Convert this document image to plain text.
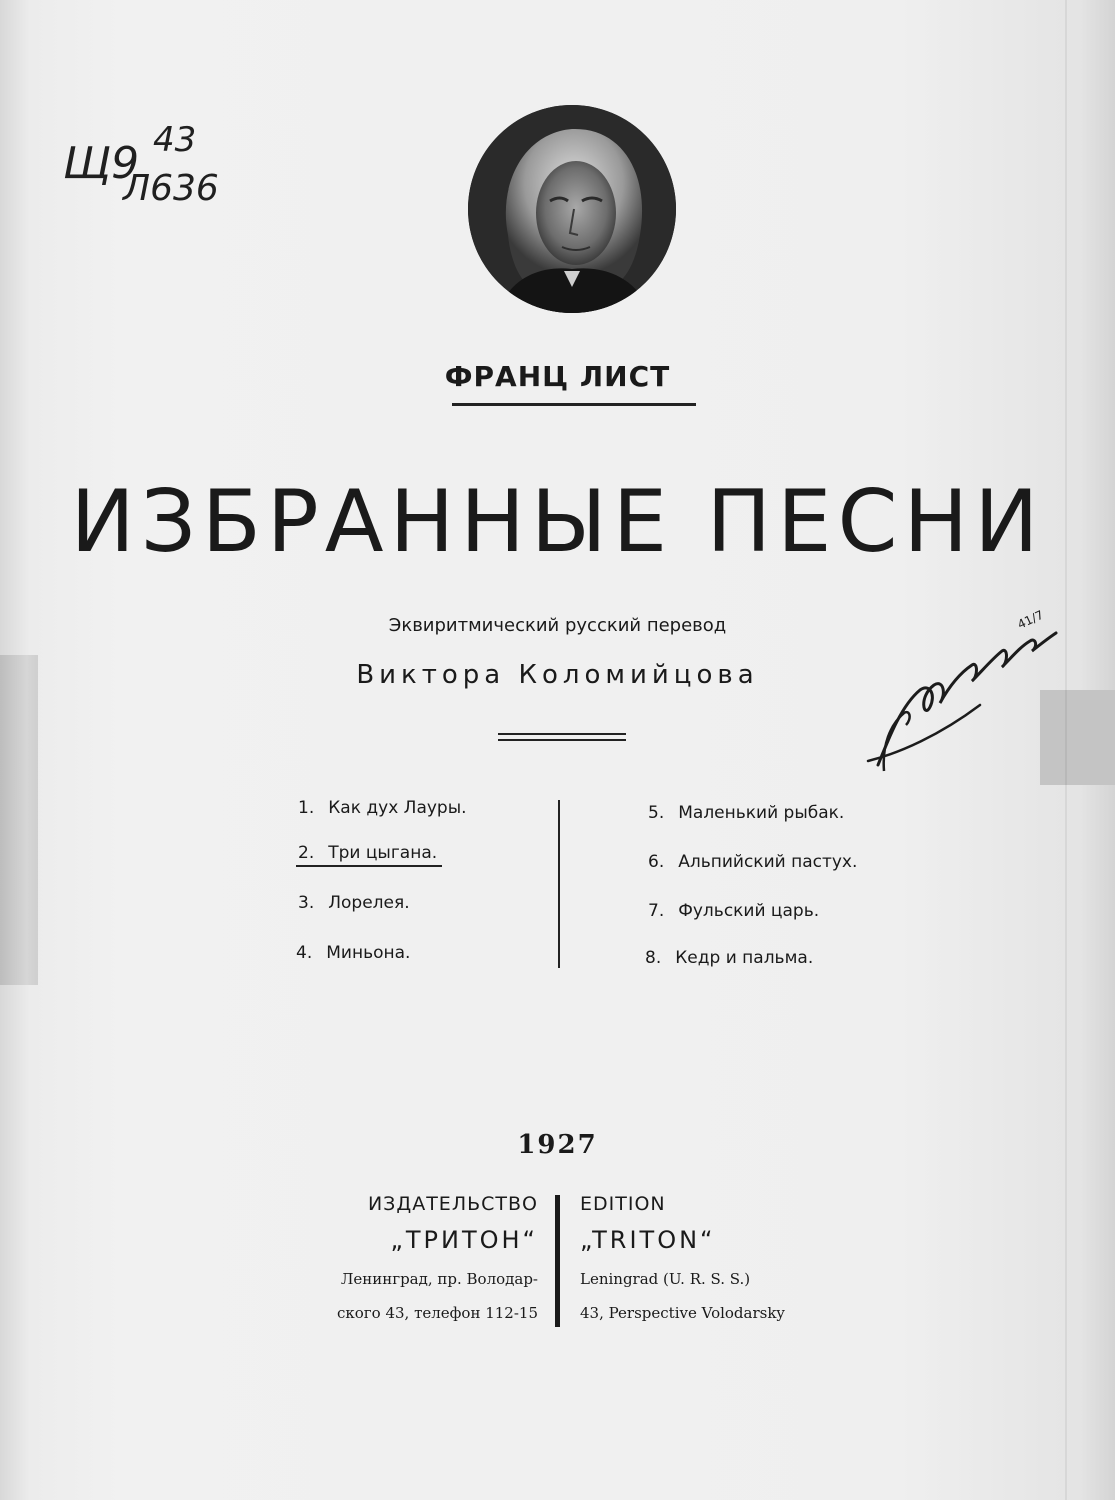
Щ9 43
Л636
ФРАНЦ ЛИСТ
ИЗБРАННЫЕ ПЕСНИ
Эквиритмический русский перевод
Виктора Коломийцова
1. Как дух Лауры.
2. Три цыгана.
3. Лорелея.
4. Миньона.
5. Маленький рыбак.
6. Альпийский пастух.
7. Фульский царь.
8. Кедр и пальма.
41/7
1927
ИЗДАТЕЛЬСТВО
„ТРИТОН“
Ленинград, пр. Володар-
ского 43, телефон 112-15
EDITION
„TRITON“
Leningrad (U. R. S. S.)
43, Perspective Volodarsky
